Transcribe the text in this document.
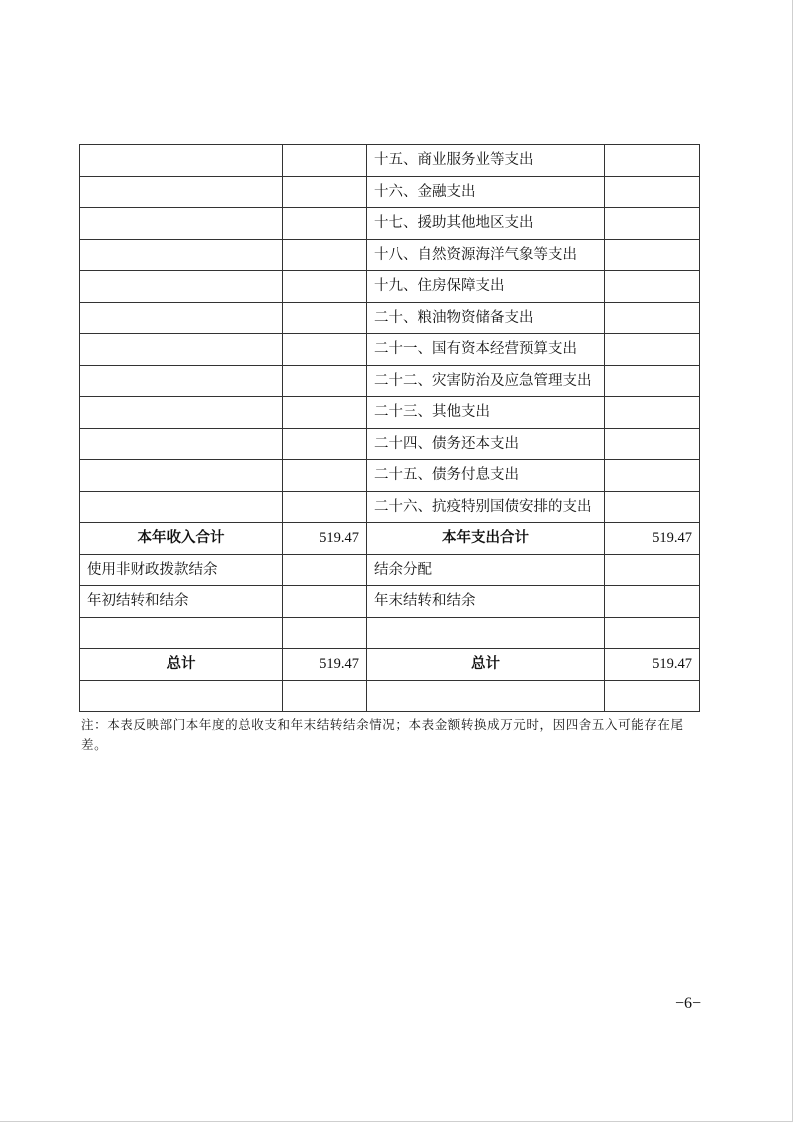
		十五、商业服务业等支出	
		十六、金融支出	
		十七、援助其他地区支出	
		十八、自然资源海洋气象等支出	
		十九、住房保障支出	
		二十、粮油物资储备支出	
		二十一、国有资本经营预算支出	
		二十二、灾害防治及应急管理支出	
		二十三、其他支出	
		二十四、债务还本支出	
		二十五、债务付息支出	
		二十六、抗疫特别国债安排的支出	
本年收入合计	519.47	本年支出合计	519.47
使用非财政拨款结余		结余分配	
年初结转和结余		年末结转和结余	

总计	519.47	总计	519.47

注：本表反映部门本年度的总收支和年末结转结余情况；本表金额转换成万元时，因四舍五入可能存在尾差。
−6−
